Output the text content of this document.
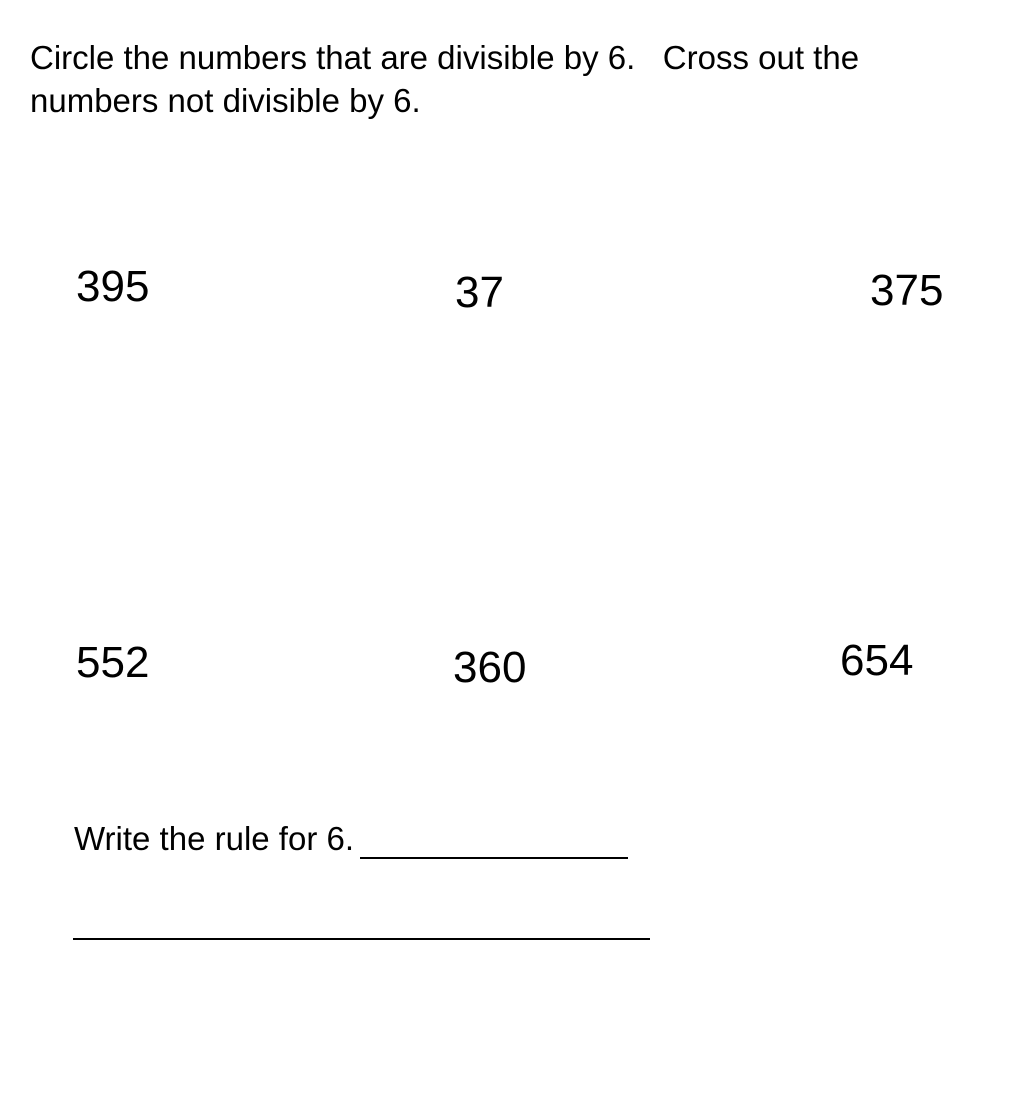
Circle the numbers that are divisible by 6.   Cross out the numbers not divisible by 6.
395	37	375
552	360	654
Write the rule for 6.
